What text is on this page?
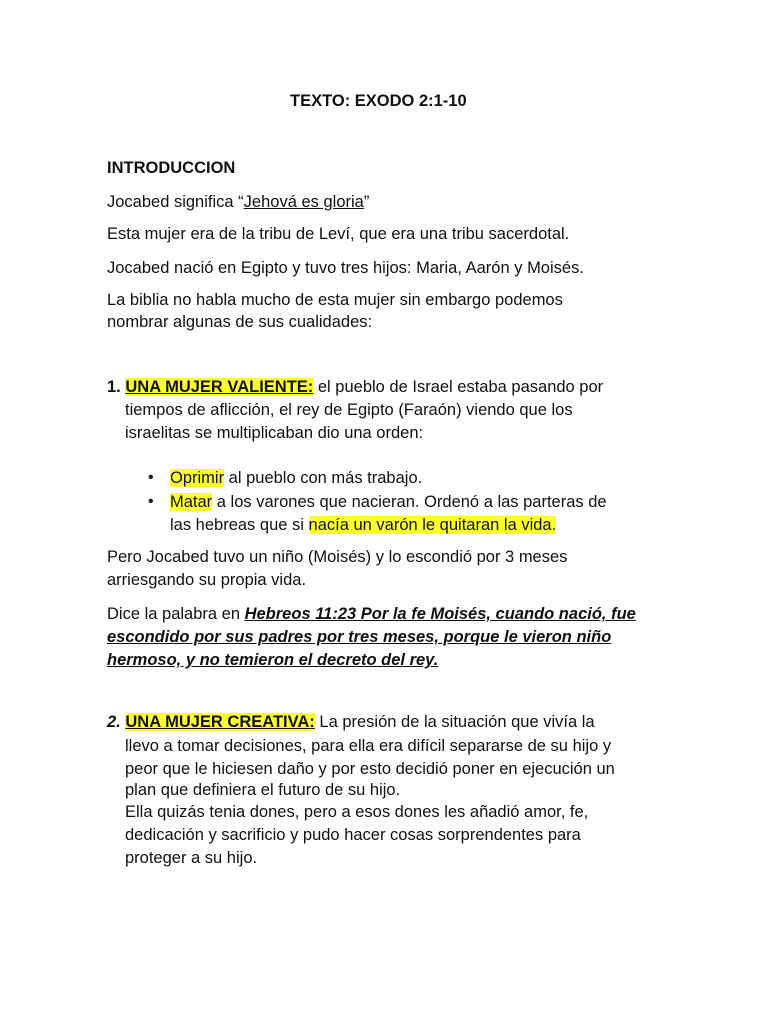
TEXTO: EXODO 2:1-10
INTRODUCCION
Jocabed significa “Jehová es gloria”
Esta mujer era de la tribu de Leví, que era una tribu sacerdotal.
Jocabed nació en Egipto y tuvo tres hijos: Maria, Aarón y Moisés.
La biblia no habla mucho de esta mujer sin embargo podemos
nombrar algunas de sus cualidades:
1. UNA MUJER VALIENTE: el pueblo de Israel estaba pasando por
tiempos de aflicción, el rey de Egipto (Faraón) viendo que los
israelitas se multiplicaban dio una orden:
• Oprimir al pueblo con más trabajo.
• Matar a los varones que nacieran. Ordenó a las parteras de
las hebreas que si nacía un varón le quitaran la vida.
Pero Jocabed tuvo un niño (Moisés) y lo escondió por 3 meses
arriesgando su propia vida.
Dice la palabra en Hebreos 11:23 Por la fe Moisés, cuando nació, fue
escondido por sus padres por tres meses, porque le vieron niño
hermoso, y no temieron el decreto del rey.
2. UNA MUJER CREATIVA: La presión de la situación que vivía la
llevo a tomar decisiones, para ella era difícil separarse de su hijo y
peor que le hiciesen daño y por esto decidió poner en ejecución un
plan que definiera el futuro de su hijo.
Ella quizás tenia dones, pero a esos dones les añadió amor, fe,
dedicación y sacrificio y pudo hacer cosas sorprendentes para
proteger a su hijo.
